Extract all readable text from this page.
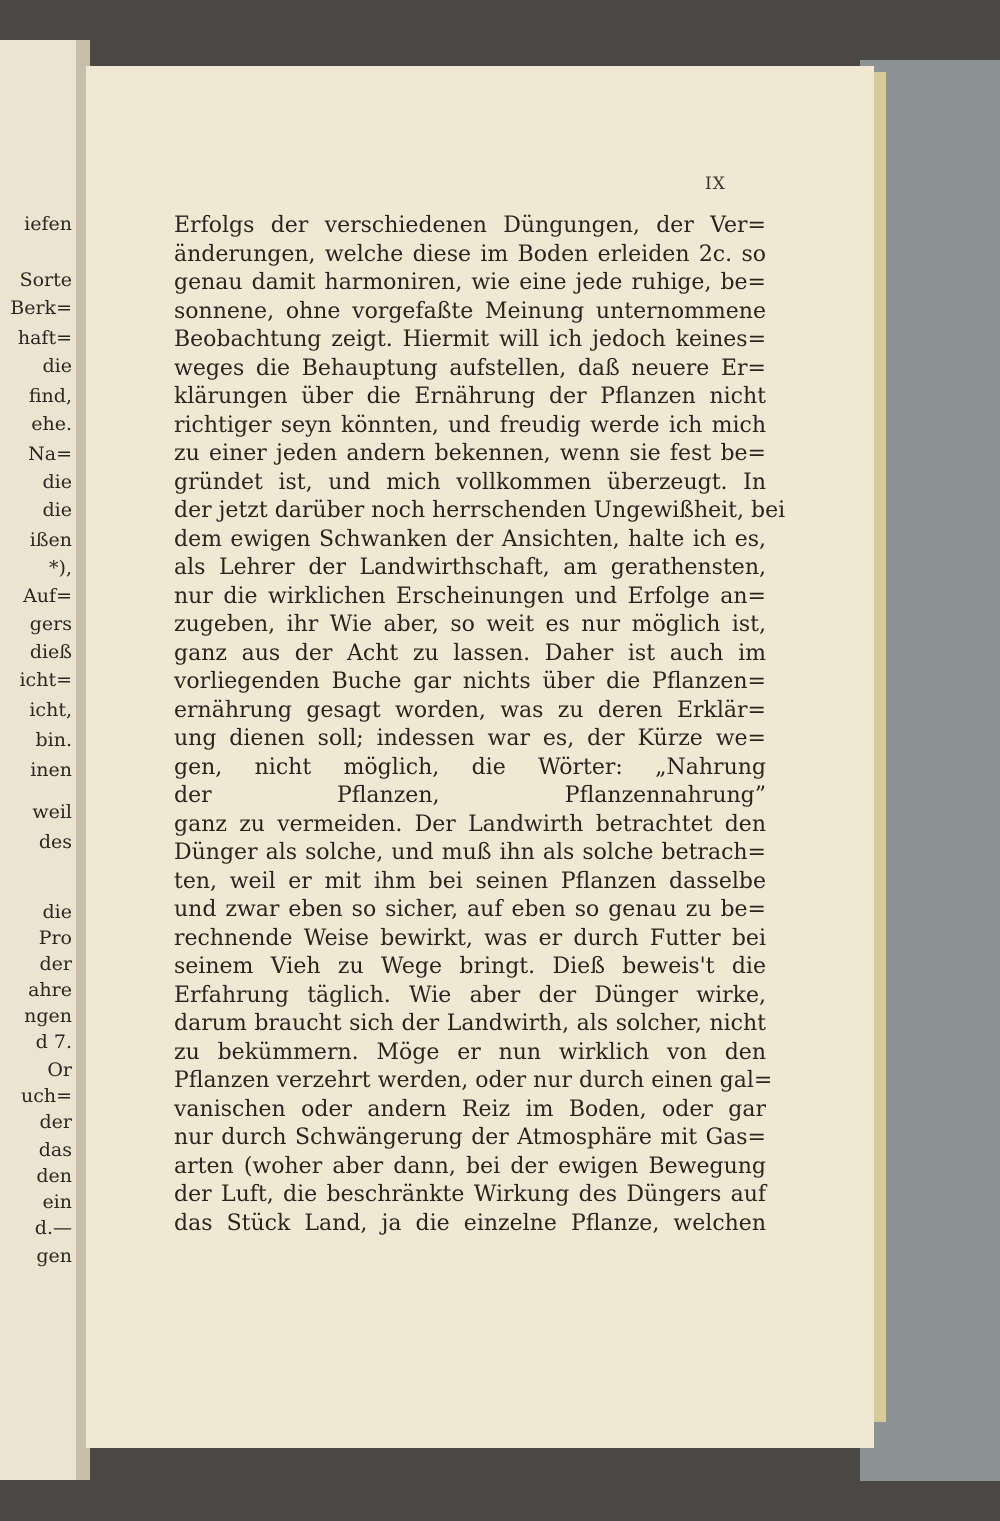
iefen
Sorte
Berk=
haft=
die
find,
ehe.
Na=
die
die
ißen
*),
Auf=
gers
dieß
icht=
icht,
bin.
inen
weil
des
die
Pro
der
ahre
ngen
d 7.
Or
uch=
der
das
den
ein
d.—
gen
IX
Erfolgs der verschiedenen Düngungen, der Ver=
änderungen, welche diese im Boden erleiden 2c. so
genau damit harmoniren, wie eine jede ruhige, be=
sonnene, ohne vorgefaßte Meinung unternommene
Beobachtung zeigt. Hiermit will ich jedoch keines=
weges die Behauptung aufstellen, daß neuere Er=
klärungen über die Ernährung der Pflanzen nicht
richtiger seyn könnten, und freudig werde ich mich
zu einer jeden andern bekennen, wenn sie fest be=
gründet ist, und mich vollkommen überzeugt. In
der jetzt darüber noch herrschenden Ungewißheit, bei
dem ewigen Schwanken der Ansichten, halte ich es,
als Lehrer der Landwirthschaft, am gerathensten,
nur die wirklichen Erscheinungen und Erfolge an=
zugeben, ihr Wie aber, so weit es nur möglich ist,
ganz aus der Acht zu lassen. Daher ist auch im
vorliegenden Buche gar nichts über die Pflanzen=
ernährung gesagt worden, was zu deren Erklär=
ung dienen soll; indessen war es, der Kürze we=
gen, nicht möglich, die Wörter: „Nahrung
der Pflanzen, Pflanzennahrung”
ganz zu vermeiden. Der Landwirth betrachtet den
Dünger als solche, und muß ihn als solche betrach=
ten, weil er mit ihm bei seinen Pflanzen dasselbe
und zwar eben so sicher, auf eben so genau zu be=
rechnende Weise bewirkt, was er durch Futter bei
seinem Vieh zu Wege bringt. Dieß beweis't die
Erfahrung täglich. Wie aber der Dünger wirke,
darum braucht sich der Landwirth, als solcher, nicht
zu bekümmern. Möge er nun wirklich von den
Pflanzen verzehrt werden, oder nur durch einen gal=
vanischen oder andern Reiz im Boden, oder gar
nur durch Schwängerung der Atmosphäre mit Gas=
arten (woher aber dann, bei der ewigen Bewegung
der Luft, die beschränkte Wirkung des Düngers auf
das Stück Land, ja die einzelne Pflanze, welchen
